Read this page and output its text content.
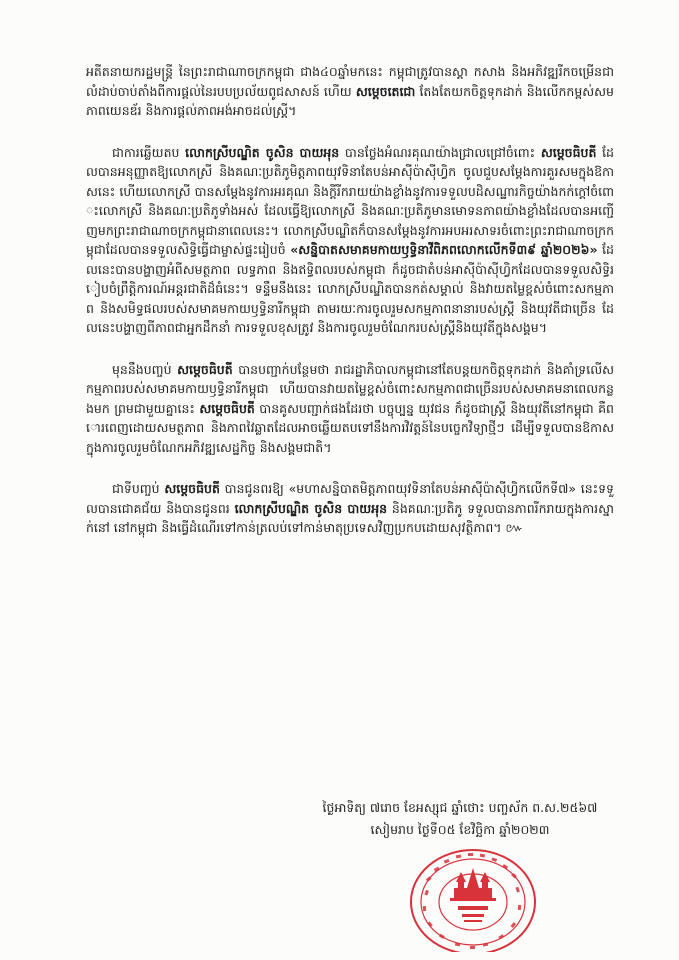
អតីតនាយករដ្ឋមន្ត្រី នៃព្រះរាជាណាចក្រកម្ពុជា ជាង៤០ឆ្នាំមកនេះ កម្ពុជាត្រូវបានស្ដា កសាង និងអភិវឌ្ឍរីកចម្រើនជាលំដាប់ចាប់តាំងពីការផ្ដល់នៃរបបប្រល័យពូជសាសន៍ ហើយ សម្ដេចតេជោ តែងតែយកចិត្តទុកដាក់ និងលើកកម្ពស់សមភាពយេនឌ័រ និងការផ្ដល់ភាពអង់អាចដល់ស្ត្រី។

ជាការឆ្លើយតប លោកស្រីបណ្ឌិត ចូសិន បាយអុន បានថ្លែងអំណរគុណយ៉ាងជ្រាលជ្រៅចំពោះ សម្ដេចធិបតី ដែលបានអនុញ្ញាតឱ្យលោកស្រី និងគណៈប្រតិភូមិត្តភាពយុវទិនាតែបន់អាស៊ីប៉ាស៊ីហ្វិក ចូលជួបសម្ដែងការគួរសមក្នុងឱកាសនេះ ហើយលោកស្រី បានសម្ដែងនូវការអរគុណ និងក្ដីរីករាយយ៉ាងខ្លាំងនូវការទទួលបដិសណ្ឋារកិច្ចយ៉ាងកក់ក្ដៅចំពោះលោកស្រី និងគណៈប្រតិភូទាំងអស់ ដែលធ្វើឱ្យលោកស្រី និងគណៈប្រតិភូមានមោទនភាពយ៉ាងខ្លាំងដែលបានអញ្ជើញមកព្រះរាជាណាចក្រកម្ពុជានាពេលនេះ។ លោកស្រីបណ្ឌិតក៏បានសម្ដែងនូវការអបអរសាទរចំពោះព្រះរាជាណាចក្រកម្ពុជាដែលបានទទួលសិទ្ធិធ្វើជាម្ចាស់ផ្ទះរៀបចំ «សន្និបាតសមាគមកាយឫទ្ធិនាវីពិភពលោកលើកទី៣៩ ឆ្នាំ២០២៦» ដែលនេះបានបង្ហាញអំពីសមត្ថភាព លទ្ធភាព និងឥទ្ធិពលរបស់កម្ពុជា ក៏ដូចជាតំបន់អាស៊ីប៉ាស៊ីហ្វិកដែលបានទទួលសិទ្ធិរៀបចំព្រឹត្តិការណ៍អន្តរជាតិដ៏ធំនេះ។ ទន្ទឹមនឹងនេះ លោកស្រីបណ្ឌិតបានកត់សម្គាល់ និងវាយតម្លៃខ្ពស់ចំពោះសកម្មភាព និងសមិទ្ធផលរបស់សមាគមកាយឫទ្ធិនារីកម្ពុជា តាមរយៈការចូលរួមសកម្មភាពនានារបស់ស្ត្រី និងយុវតីជាច្រើន ដែលនេះបង្ហាញពីភាពជាអ្នកដឹកនាំ ការទទួលខុសត្រូវ និងការចូលរួមចំណែករបស់ស្ត្រីនិងយុវតីក្នុងសង្គម។

មុននឹងបញ្ចប់ សម្ដេចធិបតី បានបញ្ជាក់បន្ថែមថា រាជរដ្ឋាភិបាលកម្ពុជានៅតែបន្តយកចិត្តទុកដាក់ និងគាំទ្រលើសកម្មភាពរបស់សមាគមកាយឫទ្ធិនារីកម្ពុជា ហើយបានវាយតម្លៃខ្ពស់ចំពោះសកម្មភាពជាច្រើនរបស់សមាគមនាពេលកន្លងមក ព្រមជាមួយគ្នានេះ សម្ដេចធិបតី បានគូសបញ្ជាក់ផងដែរថា បច្ចុប្បន្ន យុវជន ក៏ដូចជាស្ត្រី និងយុវតីនៅកម្ពុជា គឺពោរពេញដោយសមត្ថភាព និងភាពវៃឆ្លាតដែលអាចឆ្លើយតបទៅនឹងការវិវត្តន៍នៃបច្ចេកវិទ្យាថ្មីៗ ដើម្បីទទួលបានឱកាសក្នុងការចូលរួមចំណែកអភិវឌ្ឍសេដ្ឋកិច្ច និងសង្គមជាតិ។

ជាទីបញ្ចប់ សម្ដេចធិបតី បានជូនពរឱ្យ «មហាសន្និបាតមិត្តភាពយុវទិនាតែបន់អាស៊ីប៉ាស៊ីហ្វិកលើកទី៧» នេះទទួលបានជោគជ័យ និងបានជូនពរ លោកស្រីបណ្ឌិត ចូសិន បាយអុន និងគណៈប្រតិភូ ទទួលបានភាពរីករាយក្នុងការស្នាក់នៅ នៅកម្ពុជា និងធ្វើដំណើរទៅកាន់ត្រលប់ទៅកាន់មាតុប្រទេសវិញប្រកបដោយសុវត្ថិភាព។ ៚

ថ្ងៃអាទិត្យ ៧រោច ខែអស្សុជ ឆ្នាំថោះ បញ្ចស័ក ព.ស.២៥៦៧
សៀមរាប ថ្ងៃទី០៥ ខែវិច្ឆិកា ឆ្នាំ២០២៣
